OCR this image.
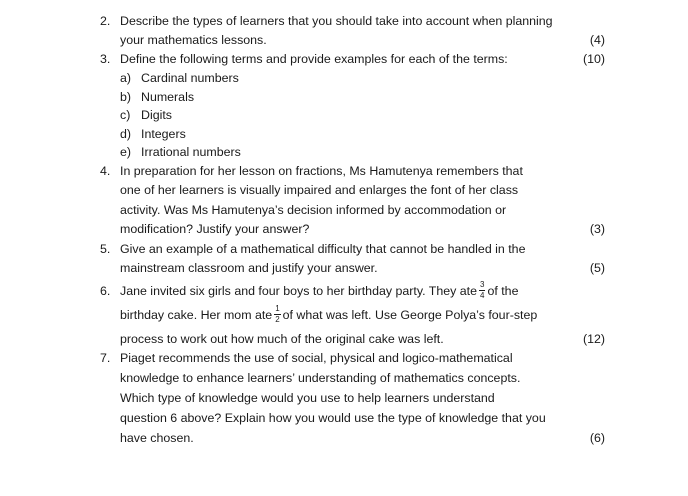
2. Describe the types of learners that you should take into account when planning
your mathematics lessons.	(4)
3. Define the following terms and provide examples for each of the terms:	(10)
a) Cardinal numbers
b) Numerals
c) Digits
d) Integers
e) Irrational numbers
4. In preparation for her lesson on fractions, Ms Hamutenya remembers that
one of her learners is visually impaired and enlarges the font of her class
activity. Was Ms Hamutenya’s decision informed by accommodation or
modification? Justify your answer?	(3)
5. Give an example of a mathematical difficulty that cannot be handled in the
mainstream classroom and justify your answer.	(5)
6. Jane invited six girls and four boys to her birthday party. They ate $\frac{3}{4}$ of the
birthday cake. Her mom ate $\frac{1}{2}$ of what was left. Use George Polya’s four-step
process to work out how much of the original cake was left.	(12)
7. Piaget recommends the use of social, physical and logico-mathematical
knowledge to enhance learners’ understanding of mathematics concepts.
Which type of knowledge would you use to help learners understand
question 6 above? Explain how you would use the type of knowledge that you
have chosen.	(6)
